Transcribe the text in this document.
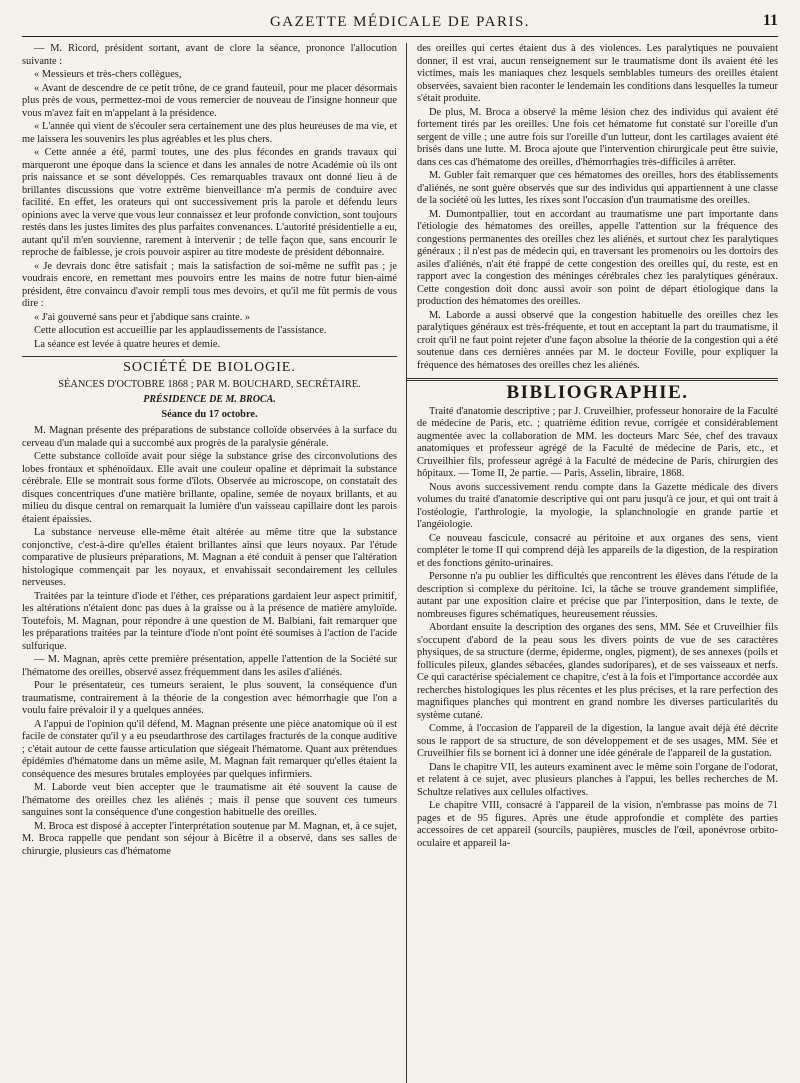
GAZETTE MÉDICALE DE PARIS.	11

— M. Ricord, président sortant, avant de clore la séance, prononce l'allocution suivante :

« Messieurs et très-chers collègues,

« Avant de descendre de ce petit trône, de ce grand fauteuil, pour me placer désormais plus près de vous, permettez-moi de vous remercier de nouveau de l'insigne honneur que vous m'avez fait en m'appelant à la présidence.

« L'année qui vient de s'écouler sera certainement une des plus heureuses de ma vie, et me laissera les souvenirs les plus agréables et les plus chers.

« Cette année a été, parmi toutes, une des plus fécondes en grands travaux qui marqueront une époque dans la science et dans les annales de notre Académie où ils ont pris naissance et se sont développés. Ces remarquables travaux ont donné lieu à de brillantes discussions que votre extrême bienveillance m'a permis de conduire avec facilité. En effet, les orateurs qui ont successivement pris la parole et défendu leurs opinions avec la verve que vous leur connaissez et leur profonde conviction, sont toujours restés dans les justes limites des plus parfaites convenances. L'autorité présidentielle a eu, autant qu'il m'en souvienne, rarement à intervenir ; de telle façon que, sans encourir le reproche de faiblesse, je crois pouvoir aspirer au titre modeste de président débonnaire.

« Je devrais donc être satisfait ; mais la satisfaction de soi-même ne suffit pas ; je voudrais encore, en remettant mes pouvoirs entre les mains de notre futur bien-aimé président, être convaincu d'avoir rempli tous mes devoirs, et qu'il me fût permis de vous dire :

« J'ai gouverné sans peur et j'abdique sans crainte. »

Cette allocution est accueillie par les applaudissements de l'assistance.

La séance est levée à quatre heures et demie.

SOCIÉTÉ DE BIOLOGIE.
SÉANCES D'OCTOBRE 1868 ; PAR M. BOUCHARD, SECRÉTAIRE.
PRÉSIDENCE DE M. BROCA.
Séance du 17 octobre.

M. Magnan présente des préparations de substance colloïde observées à la surface du cerveau d'un malade qui a succombé aux progrès de la paralysie générale.

Cette substance colloïde avait pour siége la substance grise des circonvolutions des lobes frontaux et sphénoïdaux. Elle avait une couleur opaline et déprimait la substance cérébrale. Elle se montrait sous forme d'îlots. Observée au microscope, on constatait des disques concentriques d'une matière brillante, opaline, semée de noyaux brillants, et au milieu du disque central on remarquait la lumière d'un vaisseau capillaire dont les parois étaient épaissies.

La substance nerveuse elle-même était altérée au même titre que la substance conjonctive, c'est-à-dire qu'elles étaient brillantes ainsi que leurs noyaux. Par l'étude comparative de plusieurs préparations, M. Magnan a été conduit à penser que l'altération histologique commençait par les noyaux, et envahissait secondairement les cellules nerveuses.

Traitées par la teinture d'iode et l'éther, ces préparations gardaient leur aspect primitif, les altérations n'étaient donc pas dues à la graisse ou à la présence de matière amyloïde. Toutefois, M. Magnan, pour répondre à une question de M. Balbiani, fait remarquer que les préparations traitées par la teinture d'iode n'ont point été soumises à l'action de l'acide sulfurique.

— M. Magnan, après cette première présentation, appelle l'attention de la Société sur l'hématome des oreilles, observé assez fréquemment dans les asiles d'aliénés.

Pour le présentateur, ces tumeurs seraient, le plus souvent, la conséquence d'un traumatisme, contrairement à la théorie de la congestion avec hémorrhagie que l'on a voulu faire prévaloir il y a quelques années.

A l'appui de l'opinion qu'il défend, M. Magnan présente une pièce anatomique où il est facile de constater qu'il y a eu pseudarthrose des cartilages fracturés de la conque auditive ; c'était autour de cette fausse articulation que siégeait l'hématome. Quant aux prétendues épidémies d'hématome dans un même asile, M. Magnan fait remarquer qu'elles étaient la conséquence des mesures brutales employées par quelques infirmiers.

M. Laborde veut bien accepter que le traumatisme ait été souvent la cause de l'hématome des oreilles chez les aliénés ; mais il pense que souvent ces tumeurs sanguines sont la conséquence d'une congestion habituelle des oreilles.

M. Broca est disposé à accepter l'interprétation soutenue par M. Magnan, et, à ce sujet, M. Broca rappelle que pendant son séjour à Bicêtre il a observé, dans ses salles de chirurgie, plusieurs cas d'hématome

des oreilles qui certes étaient dus à des violences. Les paralytiques ne pouvaient donner, il est vrai, aucun renseignement sur le traumatisme dont ils avaient été les victimes, mais les maniaques chez lesquels semblables tumeurs des oreilles étaient observées, savaient bien raconter le lendemain les conditions dans lesquelles la tumeur s'était produite.

De plus, M. Broca a observé la même lésion chez des individus qui avaient été fortement tirés par les oreilles. Une fois cet hématome fut constaté sur l'oreille d'un sergent de ville ; une autre fois sur l'oreille d'un lutteur, dont les cartilages avaient été brisés dans une lutte. M. Broca ajoute que l'intervention chirurgicale peut être suivie, dans ces cas d'hématome des oreilles, d'hémorrhagies très-difficiles à arrêter.

M. Gubler fait remarquer que ces hématomes des oreilles, hors des établissements d'aliénés, ne sont guère observés que sur des individus qui appartiennent à une classe de la société où les luttes, les rixes sont l'occasion d'un traumatisme des oreilles.

M. Dumontpallier, tout en accordant au traumatisme une part importante dans l'étiologie des hématomes des oreilles, appelle l'attention sur la fréquence des congestions permanentes des oreilles chez les aliénés, et surtout chez les paralytiques généraux ; il n'est pas de médecin qui, en traversant les promenoirs ou les dortoirs des asiles d'aliénés, n'ait été frappé de cette congestion des oreilles qui, du reste, est en rapport avec la congestion des méninges cérébrales chez les paralytiques généraux. Cette congestion doit donc aussi avoir son point de départ étiologique dans la production des hématomes des oreilles.

M. Laborde a aussi observé que la congestion habituelle des oreilles chez les paralytiques généraux est très-fréquente, et tout en acceptant la part du traumatisme, il croit qu'il ne faut point rejeter d'une façon absolue la théorie de la congestion qui a été soutenue dans ces dernières années par M. le docteur Foville, pour expliquer la fréquence des hématoses des oreilles chez les aliénés.

BIBLIOGRAPHIE.

Traité d'anatomie descriptive ; par J. Cruveilhier, professeur honoraire de la Faculté de médecine de Paris, etc. ; quatrième édition revue, corrigée et considérablement augmentée avec la collaboration de MM. les docteurs Marc Sée, chef des travaux anatomiques et professeur agrégé de la Faculté de médecine de Paris, etc., et Cruveilhier fils, professeur agrégé à la Faculté de médecine de Paris, chirurgien des hôpitaux. — Tome II, 2e partie. — Paris, Asselin, libraire, 1868.

Nous avons successivement rendu compte dans la Gazette médicale des divers volumes du traité d'anatomie descriptive qui ont paru jusqu'à ce jour, et qui ont trait à l'ostéologie, l'arthrologie, la myologie, la splanchnologie en grande partie et l'angéiologie.

Ce nouveau fascicule, consacré au péritoine et aux organes des sens, vient compléter le tome II qui comprend déjà les appareils de la digestion, de la respiration et des fonctions génito-urinaires.

Personne n'a pu oublier les difficultés que rencontrent les élèves dans l'étude de la description si complexe du péritoine. Ici, la tâche se trouve grandement simplifiée, autant par une exposition claire et précise que par l'interposition, dans le texte, de nombreuses figures schématiques, heureusement réussies.

Abordant ensuite la description des organes des sens, MM. Sée et Cruveilhier fils s'occupent d'abord de la peau sous les divers points de vue de ses caractères physiques, de sa structure (derme, épiderme, ongles, pigment), de ses annexes (poils et follicules pileux, glandes sébacées, glandes sudoripares), et de ses vaisseaux et nerfs. Ce qui caractérise spécialement ce chapitre, c'est à la fois et l'importance accordée aux recherches histologiques les plus récentes et les plus précises, et la rare perfection des magnifiques planches qui montrent en grand nombre les diverses particularités du système cutané.

Comme, à l'occasion de l'appareil de la digestion, la langue avait déjà été décrite sous le rapport de sa structure, de son développement et de ses usages, MM. Sée et Cruveilhier fils se bornent ici à donner une idée générale de l'appareil de la gustation.

Dans le chapitre VII, les auteurs examinent avec le même soin l'organe de l'odorat, et relatent à ce sujet, avec plusieurs planches à l'appui, les belles recherches de M. Schultze relatives aux cellules olfactives.

Le chapitre VIII, consacré à l'appareil de la vision, n'embrasse pas moins de 71 pages et de 95 figures. Après une étude approfondie et complète des parties accessoires de cet appareil (sourcils, paupières, muscles de l'œil, aponévrose orbito-oculaire et appareil la-
